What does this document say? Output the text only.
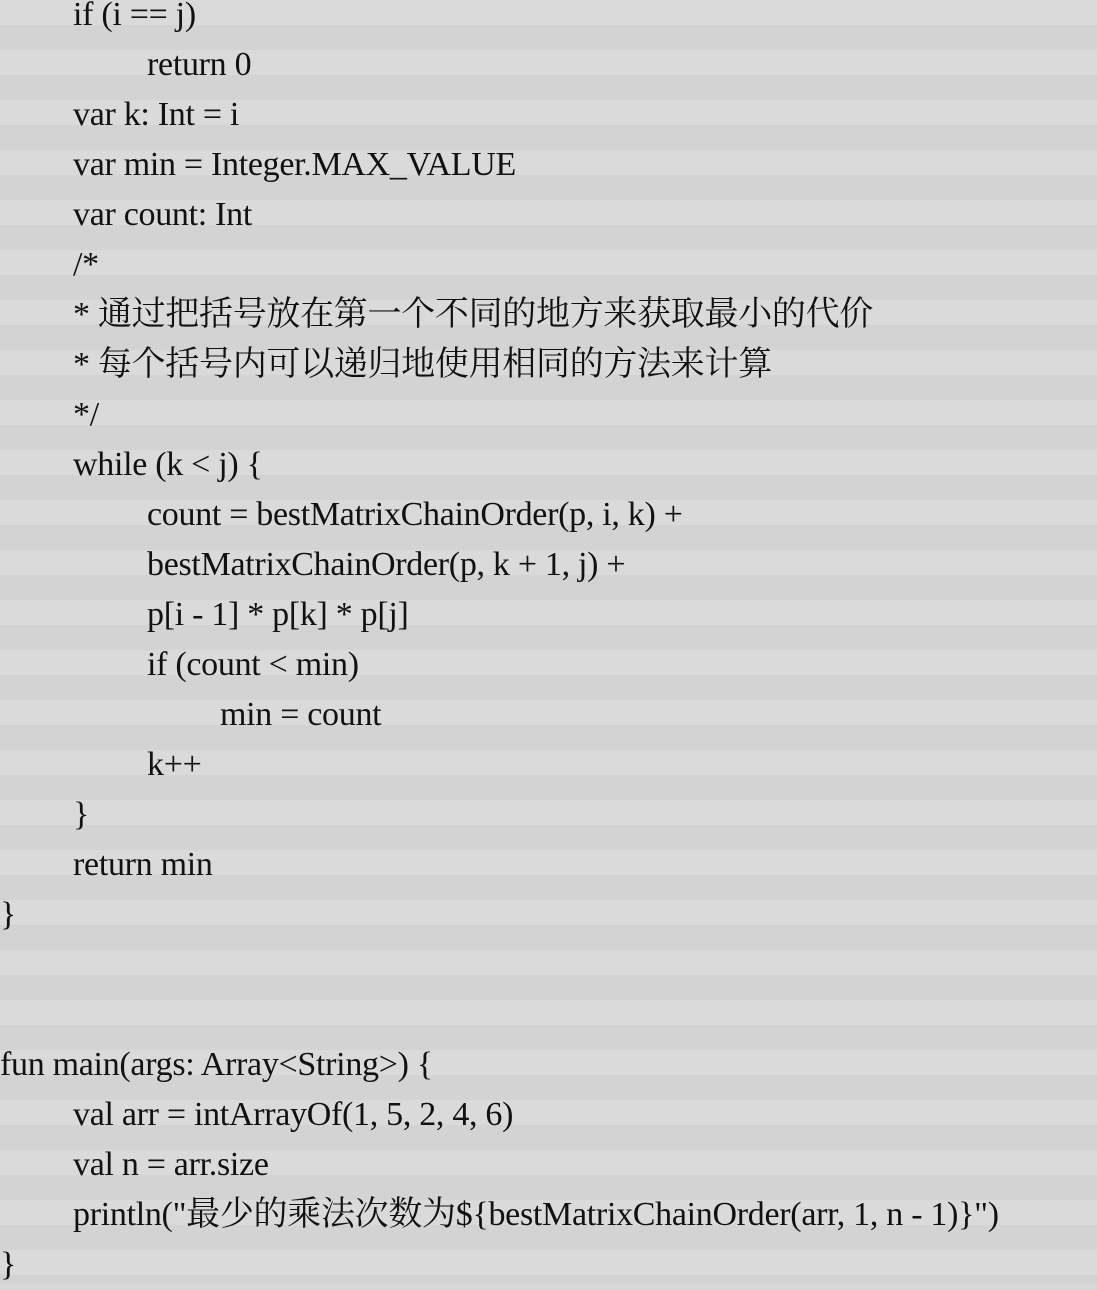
if (i == j)
return 0
var k: Int = i
var min = Integer.MAX_VALUE
var count: Int
/*
* 通过把括号放在第一个不同的地方来获取最小的代价
* 每个括号内可以递归地使用相同的方法来计算
*/
while (k < j) {
count = bestMatrixChainOrder(p, i, k) +
bestMatrixChainOrder(p, k + 1, j) +
p[i - 1] * p[k] * p[j]
if (count < min)
min = count
k++
}
return min
}
fun main(args: Array<String>) {
val arr = intArrayOf(1, 5, 2, 4, 6)
val n = arr.size
println("最少的乘法次数为${bestMatrixChainOrder(arr, 1, n - 1)}")
}
